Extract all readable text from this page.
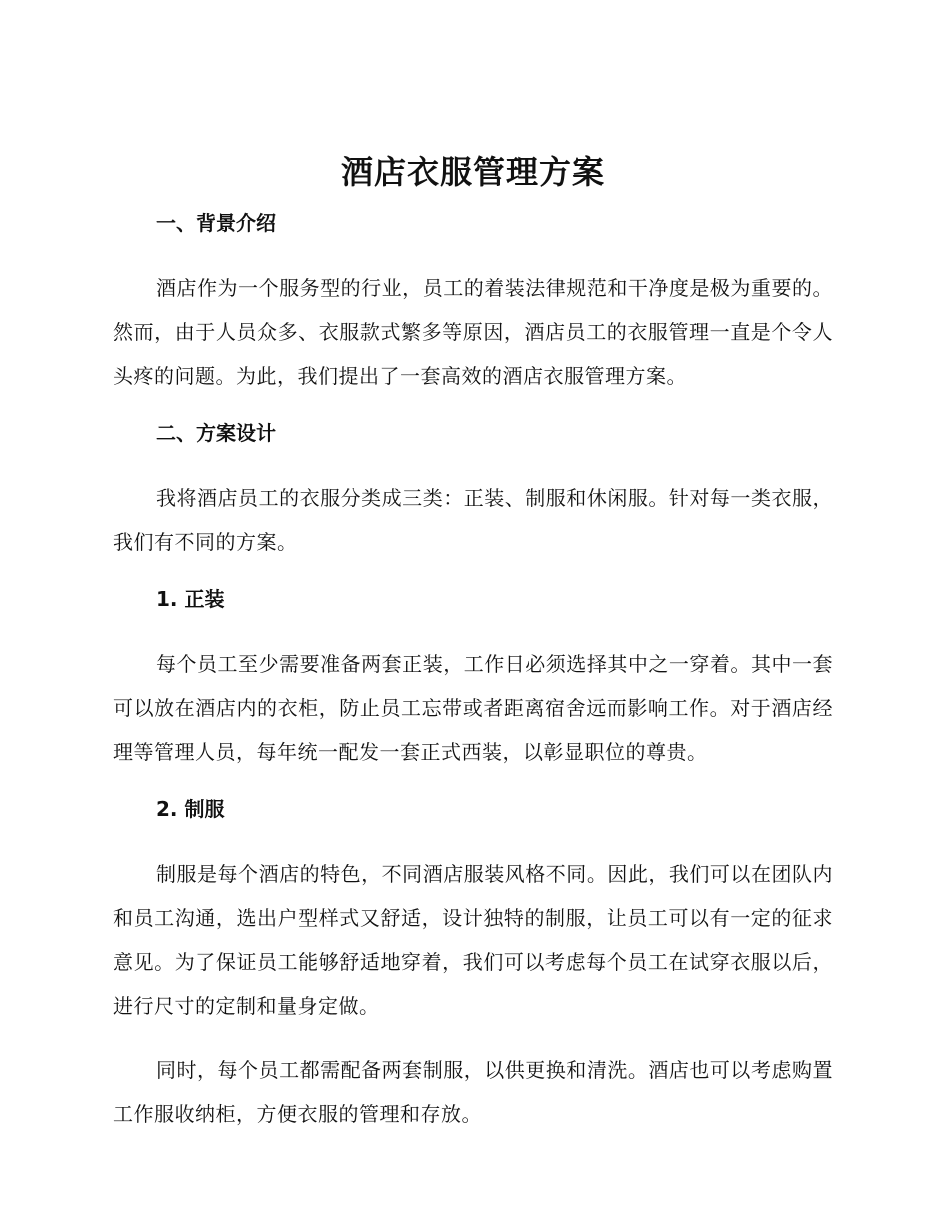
酒店衣服管理方案
一、背景介绍

酒店作为一个服务型的行业，员工的着装法律规范和干净度是极为重要的。然而，由于人员众多、衣服款式繁多等原因，酒店员工的衣服管理一直是个令人头疼的问题。为此，我们提出了一套高效的酒店衣服管理方案。

二、方案设计

我将酒店员工的衣服分类成三类：正装、制服和休闲服。针对每一类衣服，我们有不同的方案。

1. 正装

每个员工至少需要准备两套正装，工作日必须选择其中之一穿着。其中一套可以放在酒店内的衣柜，防止员工忘带或者距离宿舍远而影响工作。对于酒店经理等管理人员，每年统一配发一套正式西装，以彰显职位的尊贵。

2. 制服

制服是每个酒店的特色，不同酒店服装风格不同。因此，我们可以在团队内和员工沟通，选出户型样式又舒适，设计独特的制服，让员工可以有一定的征求意见。为了保证员工能够舒适地穿着，我们可以考虑每个员工在试穿衣服以后，进行尺寸的定制和量身定做。

同时，每个员工都需配备两套制服，以供更换和清洗。酒店也可以考虑购置工作服收纳柜，方便衣服的管理和存放。
